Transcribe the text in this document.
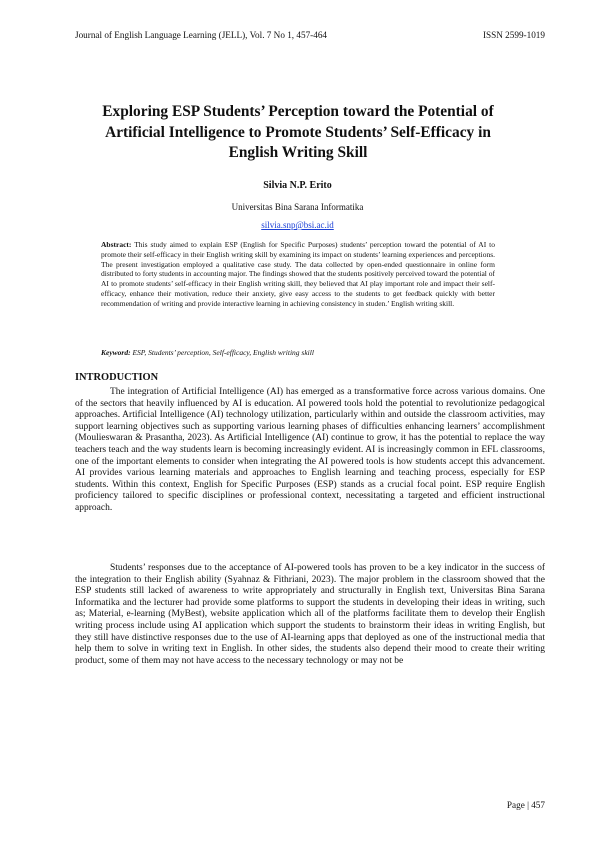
Journal of English Language Learning (JELL), Vol. 7 No 1, 457-464	ISSN 2599-1019
Exploring ESP Students’ Perception toward the Potential of Artificial Intelligence to Promote Students’ Self-Efficacy in English Writing Skill
Silvia N.P. Erito
Universitas Bina Sarana Informatika
silvia.snp@bsi.ac.id
Abstract: This study aimed to explain ESP (English for Specific Purposes) students’ perception toward the potential of AI to promote their self-efficacy in their English writing skill by examining its impact on students’ learning experiences and perceptions. The present investigation employed a qualitative case study. The data collected by open-ended questionnaire in online form distributed to forty students in accounting major. The findings showed that the students positively perceived toward the potential of AI to promote students’ self-efficacy in their English writing skill, they believed that AI play important role and impact their self-efficacy, enhance their motivation, reduce their anxiety, give easy access to the students to get feedback quickly with better recommendation of writing and provide interactive learning in achieving consistency in studen.’ English writing skill.
Keyword: ESP, Students’ perception, Self-efficacy, English writing skill
INTRODUCTION

The integration of Artificial Intelligence (AI) has emerged as a transformative force across various domains. One of the sectors that heavily influenced by AI is education. AI powered tools hold the potential to revolutionize pedagogical approaches. Artificial Intelligence (AI) technology utilization, particularly within and outside the classroom activities, may support learning objectives such as supporting various learning phases of difficulties enhancing learners’ accomplishment (Moulieswaran & Prasantha, 2023). As Artificial Intelligence (AI) continue to grow, it has the potential to replace the way teachers teach and the way students learn is becoming increasingly evident. AI is increasingly common in EFL classrooms, one of the important elements to consider when integrating the AI powered tools is how students accept this advancement. AI provides various learning materials and approaches to English learning and teaching process, especially for ESP students. Within this context, English for Specific Purposes (ESP) stands as a crucial focal point. ESP require English proficiency tailored to specific disciplines or professional context, necessitating a targeted and efficient instructional approach.

Students’ responses due to the acceptance of AI-powered tools has proven to be a key indicator in the success of the integration to their English ability (Syahnaz & Fithriani, 2023). The major problem in the classroom showed that the ESP students still lacked of awareness to write appropriately and structurally in English text, Universitas Bina Sarana Informatika and the lecturer had provide some platforms to support the students in developing their ideas in writing, such as; Material, e-learning (MyBest), website application which all of the platforms facilitate them to develop their English writing process include using AI application which support the students to brainstorm their ideas in writing English, but they still have distinctive responses due to the use of AI-learning apps that deployed as one of the instructional media that help them to solve in writing text in English. In other sides, the students also depend their mood to create their writing product, some of them may not have access to the necessary technology or may not be

Page | 457
